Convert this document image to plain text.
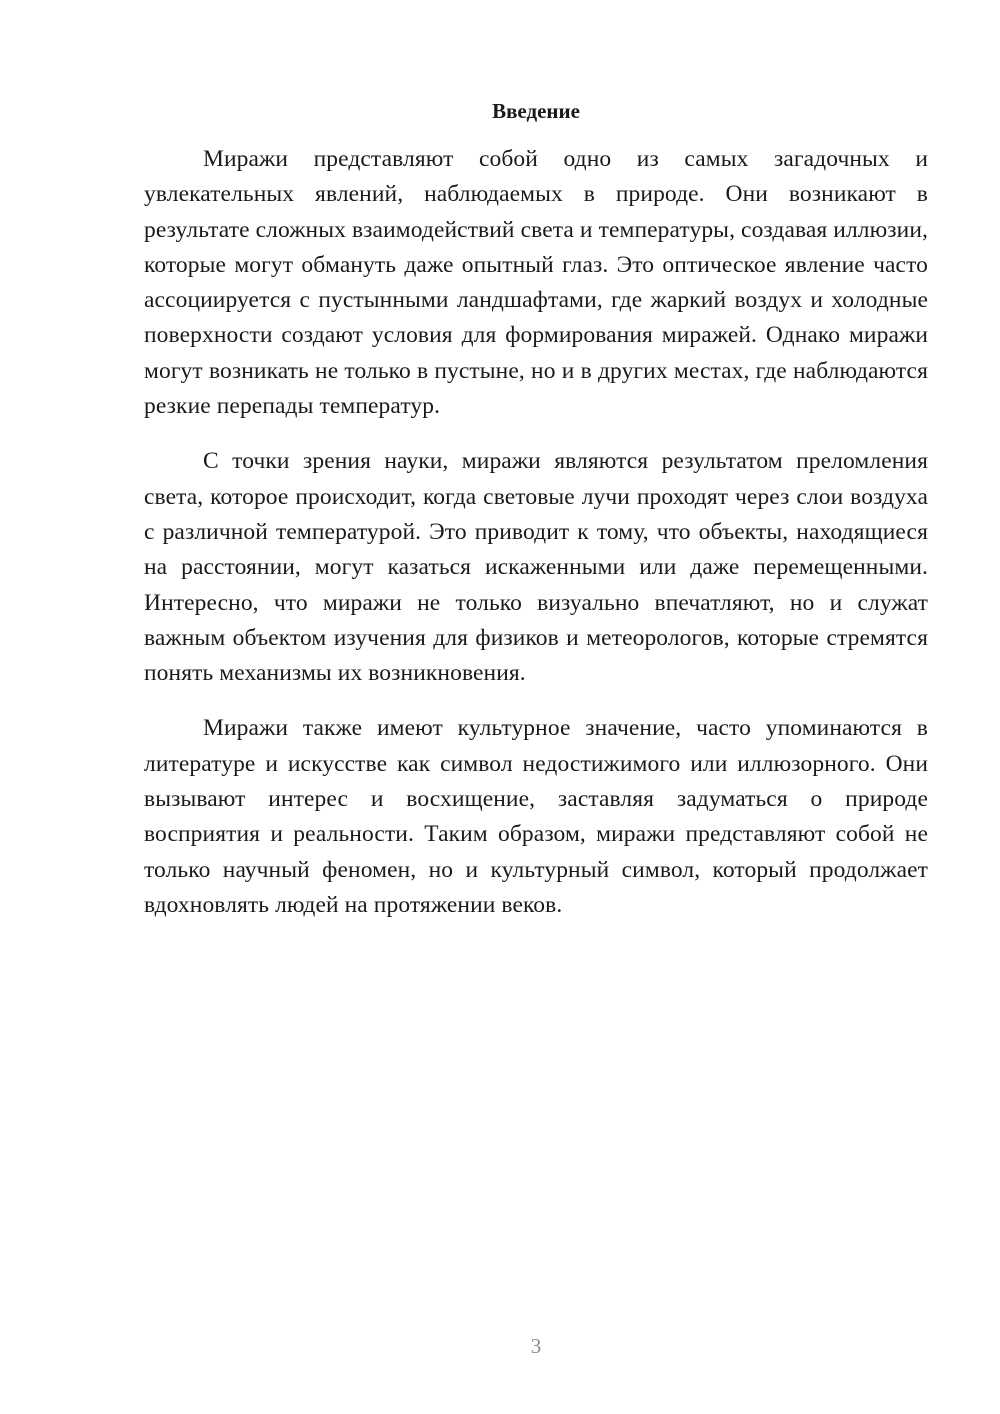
Введение

Миражи представляют собой одно из самых загадочных и увлекательных явлений, наблюдаемых в природе. Они возникают в результате сложных взаимодействий света и температуры, создавая иллюзии, которые могут обмануть даже опытный глаз. Это оптическое явление часто ассоциируется с пустынными ландшафтами, где жаркий воздух и холодные поверхности создают условия для формирования миражей. Однако миражи могут возникать не только в пустыне, но и в других местах, где наблюдаются резкие перепады температур.

С точки зрения науки, миражи являются результатом преломления света, которое происходит, когда световые лучи проходят через слои воздуха с различной температурой. Это приводит к тому, что объекты, находящиеся на расстоянии, могут казаться искаженными или даже перемещенными. Интересно, что миражи не только визуально впечатляют, но и служат важным объектом изучения для физиков и метеорологов, которые стремятся понять механизмы их возникновения.

Миражи также имеют культурное значение, часто упоминаются в литературе и искусстве как символ недостижимого или иллюзорного. Они вызывают интерес и восхищение, заставляя задуматься о природе восприятия и реальности. Таким образом, миражи представляют собой не только научный феномен, но и культурный символ, который продолжает вдохновлять людей на протяжении веков.

3
